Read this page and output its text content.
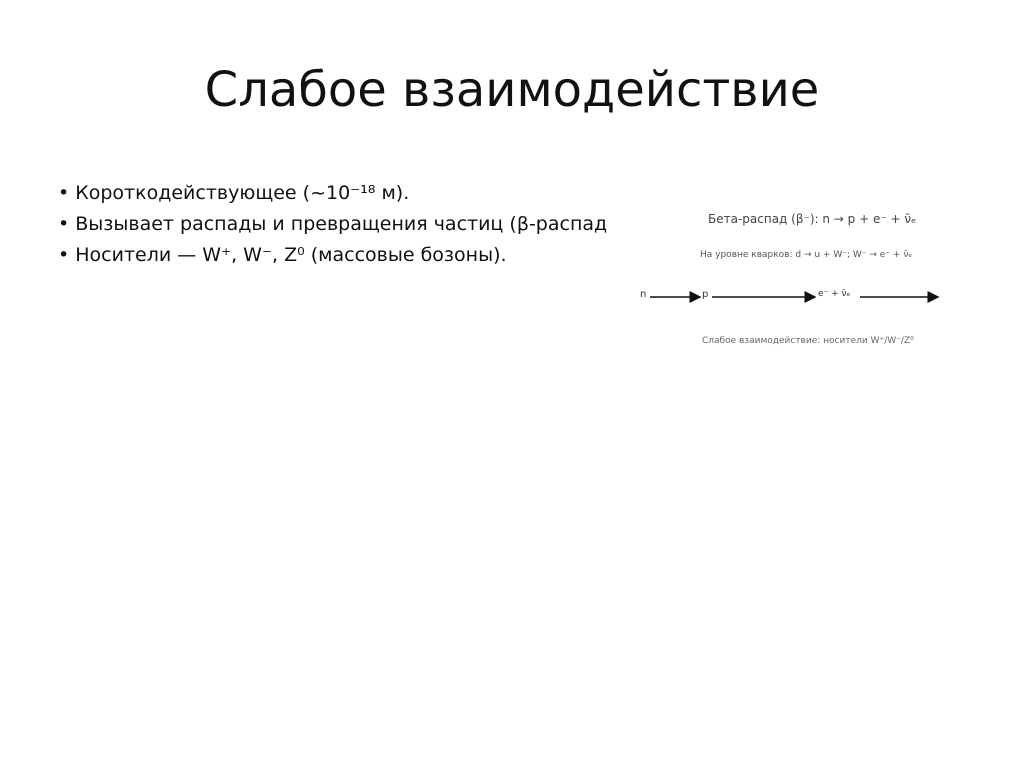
Слабое взаимодействие
• Короткодействующее (~10⁻¹⁸ м).
• Вызывает распады и превращения частиц (β-распад
• Носители — W⁺, W⁻, Z⁰ (массовые бозоны).
Бета-распад (β⁻): n → p + e⁻ + ν̄ₑ
На уровне кварков: d → u + W⁻; W⁻ → e⁻ + ν̄ₑ
n	p	e⁻ + ν̄ₑ
Слабое взаимодействие: носители W⁺/W⁻/Z⁰
